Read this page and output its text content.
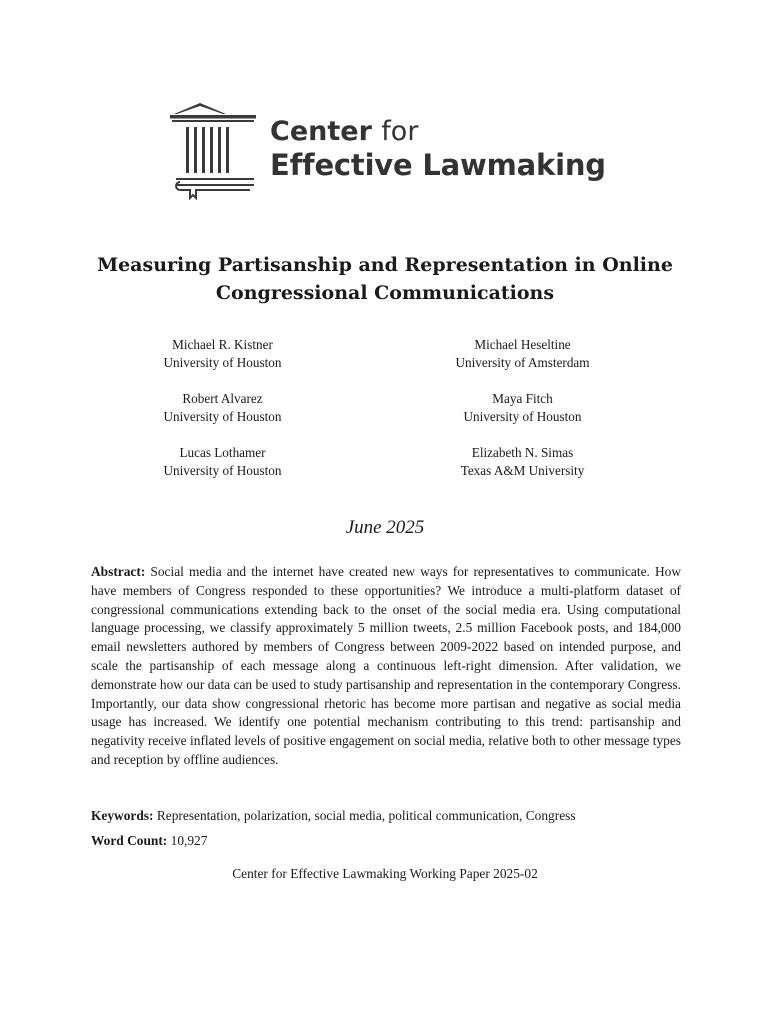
Center for
Effective Lawmaking
Measuring Partisanship and Representation in Online Congressional Communications
Michael R. Kistner
University of Houston
Michael Heseltine
University of Amsterdam
Robert Alvarez
University of Houston
Maya Fitch
University of Houston
Lucas Lothamer
University of Houston
Elizabeth N. Simas
Texas A&M University
June 2025
Abstract: Social media and the internet have created new ways for representatives to communicate. How have members of Congress responded to these opportunities? We introduce a multi-platform dataset of congressional communications extending back to the onset of the social media era. Using computational language processing, we classify approximately 5 million tweets, 2.5 million Facebook posts, and 184,000 email newsletters authored by members of Congress between 2009-2022 based on intended purpose, and scale the partisanship of each message along a continuous left-right dimension. After validation, we demonstrate how our data can be used to study partisanship and representation in the contemporary Congress. Importantly, our data show congressional rhetoric has become more partisan and negative as social media usage has increased. We identify one potential mechanism contributing to this trend: partisanship and negativity receive inflated levels of positive engagement on social media, relative both to other message types and reception by offline audiences.
Keywords: Representation, polarization, social media, political communication, Congress
Word Count: 10,927
Center for Effective Lawmaking Working Paper 2025-02
